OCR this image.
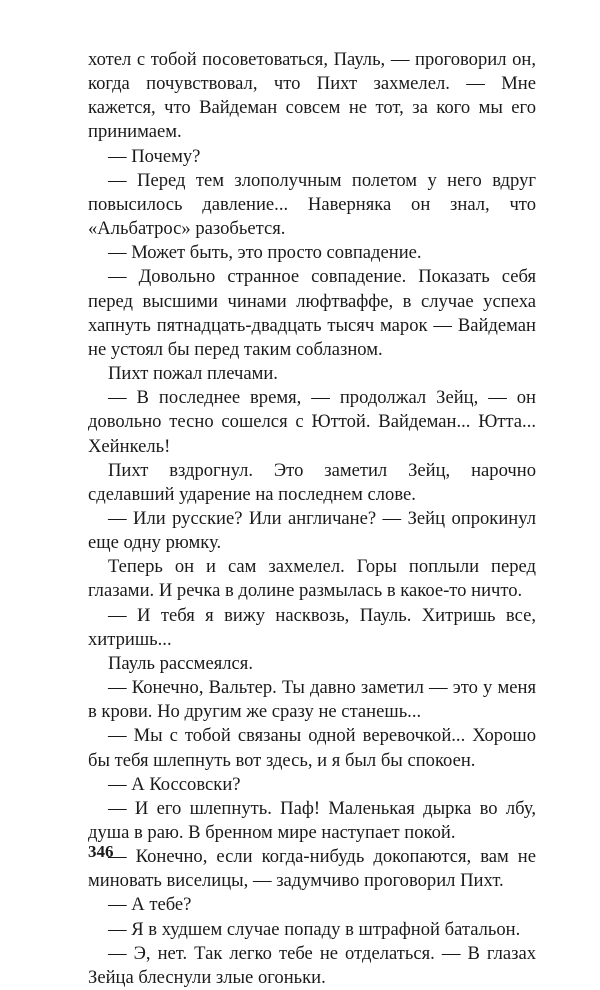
хотел с тобой посоветоваться, Пауль, — проговорил он, когда почувствовал, что Пихт захмелел. — Мне кажется, что Вайдеман совсем не тот, за кого мы его принимаем.

— Почему?

— Перед тем злополучным полетом у него вдруг повысилось давление... Наверняка он знал, что «Альбатрос» разобьется.

— Может быть, это просто совпадение.

— Довольно странное совпадение. Показать себя перед высшими чинами люфтваффе, в случае успеха хапнуть пятнадцать-двадцать тысяч марок — Вайдеман не устоял бы перед таким соблазном.

Пихт пожал плечами.

— В последнее время, — продолжал Зейц, — он довольно тесно сошелся с Юттой. Вайдеман... Ютта... Хейнкель!

Пихт вздрогнул. Это заметил Зейц, нарочно сделавший ударение на последнем слове.

— Или русские? Или англичане? — Зейц опрокинул еще одну рюмку.

Теперь он и сам захмелел. Горы поплыли перед глазами. И речка в долине размылась в какое-то ничто.

— И тебя я вижу насквозь, Пауль. Хитришь все, хитришь...

Пауль рассмеялся.

— Конечно, Вальтер. Ты давно заметил — это у меня в крови. Но другим же сразу не станешь...

— Мы с тобой связаны одной веревочкой... Хорошо бы тебя шлепнуть вот здесь, и я был бы спокоен.

— А Коссовски?

— И его шлепнуть. Паф! Маленькая дырка во лбу, душа в раю. В бренном мире наступает покой.

— Конечно, если когда-нибудь докопаются, вам не миновать виселицы, — задумчиво проговорил Пихт.

— А тебе?

— Я в худшем случае попаду в штрафной батальон.

— Э, нет. Так легко тебе не отделаться. — В глазах Зейца блеснули злые огоньки.

346
